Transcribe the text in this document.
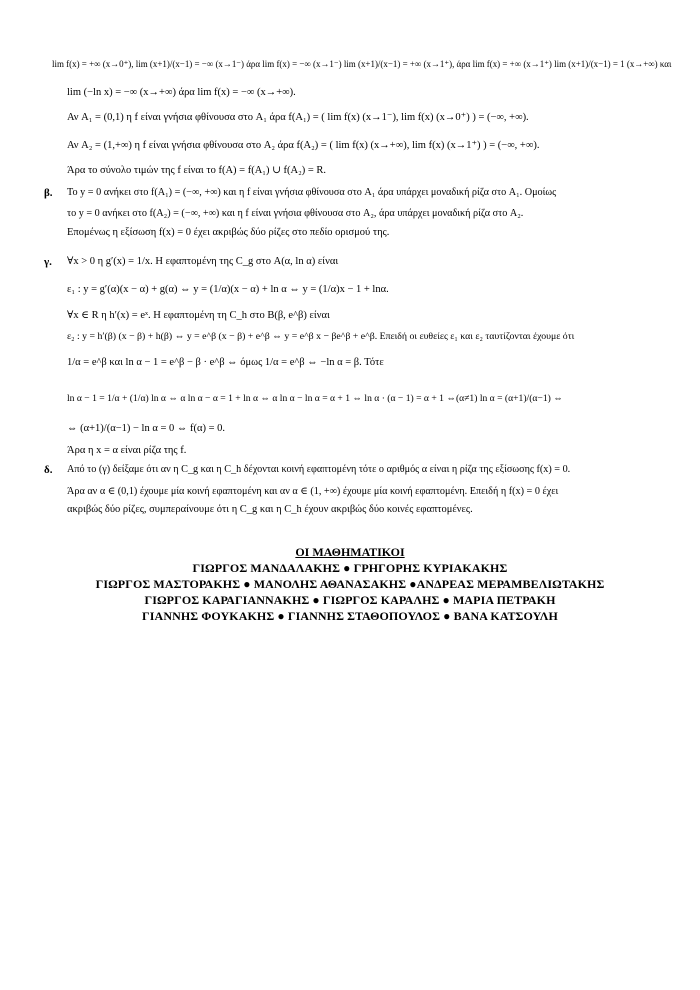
lim f(x) = +∞ (x→0⁺), lim (x+1)/(x−1) = −∞ (x→1⁻) άρα lim f(x) = −∞ (x→1⁻) lim (x+1)/(x−1) = +∞ (x→1⁺), άρα lim f(x) = +∞ (x→1⁺) lim (x+1)/(x−1) = 1 (x→+∞) και
lim (−ln x) = −∞ (x→+∞) άρα lim f(x) = −∞ (x→+∞).
Αν A₁ = (0,1) η f είναι γνήσια φθίνουσα στο A₁ άρα f(A₁) = ( lim f(x) (x→1⁻), lim f(x) (x→0⁺) ) = (−∞, +∞).
Αν A₂ = (1,+∞) η f είναι γνήσια φθίνουσα στο A₂ άρα f(A₂) = ( lim f(x) (x→+∞), lim f(x) (x→1⁺) ) = (−∞, +∞).
Άρα το σύνολο τιμών της f είναι το f(A) = f(A₁) ∪ f(A₂) = R.
β. Το y = 0 ανήκει στο f(A₁) = (−∞, +∞) και η f είναι γνήσια φθίνουσα στο A₁ άρα υπάρχει μοναδική ρίζα στο A₁. Ομοίως
το y = 0 ανήκει στο f(A₂) = (−∞, +∞) και η f είναι γνήσια φθίνουσα στο A₂, άρα υπάρχει μοναδική ρίζα στο A₂.
Επομένως η εξίσωση f(x) = 0 έχει ακριβώς δύο ρίζες στο πεδίο ορισμού της.
γ. ∀x > 0 η g′(x) = 1/x. Η εφαπτομένη της C_g στο A(α, ln α) είναι
ε₁ : y = g′(α)(x − α) + g(α) ⇔ y = (1/α)(x − α) + ln α ⇔ y = (1/α)x − 1 + lnα.
∀x ∈ R η h′(x) = eˣ. Η εφαπτομένη τη C_h στο B(β, e^β) είναι
ε₂ : y = h′(β) (x − β) + h(β) ⇔ y = e^β (x − β) + e^β ⇔ y = e^β x − βe^β + e^β. Επειδή οι ευθείες ε₁ και ε₂ ταυτίζονται έχουμε ότι
1/α = e^β και ln α − 1 = e^β − β · e^β ⇔ όμως 1/α = e^β ⇔ −ln α = β. Τότε
ln α − 1 = 1/α + (1/α) ln α ⇔ α ln α − α = 1 + ln α ⇔ α ln α − ln α = α + 1 ⇔ ln α · (α − 1) = α + 1 ⇔(α≠1) ln α = (α+1)/(α−1) ⇔
⇔ (α+1)/(α−1) − ln α = 0 ⇔ f(α) = 0.
Άρα η x = α είναι ρίζα της f.
δ. Από το (γ) δείξαμε ότι αν η C_g και η C_h δέχονται κοινή εφαπτομένη τότε ο αριθμός α είναι η ρίζα της εξίσωσης f(x) = 0.
Άρα αν α ∈ (0,1) έχουμε μία κοινή εφαπτομένη και αν α ∈ (1, +∞) έχουμε μία κοινή εφαπτομένη. Επειδή η f(x) = 0 έχει
ακριβώς δύο ρίζες, συμπεραίνουμε ότι η C_g και η C_h έχουν ακριβώς δύο κοινές εφαπτομένες.
ΟΙ ΜΑΘΗΜΑΤΙΚΟΙ
ΓΙΩΡΓΟΣ ΜΑΝΔΑΛΑΚΗΣ ● ΓΡΗΓΟΡΗΣ ΚΥΡΙΑΚΑΚΗΣ
ΓΙΩΡΓΟΣ ΜΑΣΤΟΡΑΚΗΣ ● ΜΑΝΟΛΗΣ ΑΘΑΝΑΣΑΚΗΣ ●ΑΝΔΡΕΑΣ ΜΕΡΑΜΒΕΛΙΩΤΑΚΗΣ
ΓΙΩΡΓΟΣ ΚΑΡΑΓΙΑΝΝΑΚΗΣ ● ΓΙΩΡΓΟΣ ΚΑΡΑΛΗΣ ● ΜΑΡΙΑ ΠΕΤΡΑΚΗ
ΓΙΑΝΝΗΣ ΦΟΥΚΑΚΗΣ ● ΓΙΑΝΝΗΣ ΣΤΑΘΟΠΟΥΛΟΣ ● ΒΑΝΑ ΚΑΤΣΟΥΛΗ
